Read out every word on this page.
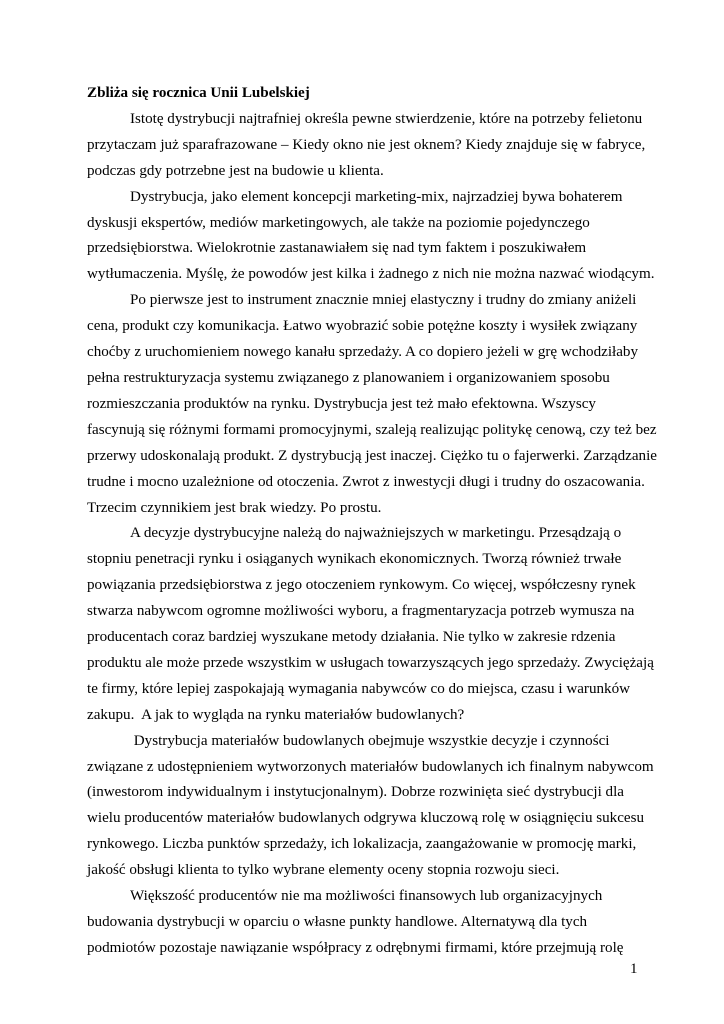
Zbliża się rocznica Unii Lubelskiej
Istotę dystrybucji najtrafniej określa pewne stwierdzenie, które na potrzeby felietonu
przytaczam już sparafrazowane – Kiedy okno nie jest oknem? Kiedy znajduje się w fabryce,
podczas gdy potrzebne jest na budowie u klienta.
Dystrybucja, jako element koncepcji marketing-mix, najrzadziej bywa bohaterem
dyskusji ekspertów, mediów marketingowych, ale także na poziomie pojedynczego
przedsiębiorstwa. Wielokrotnie zastanawiałem się nad tym faktem i poszukiwałem
wytłumaczenia. Myślę, że powodów jest kilka i żadnego z nich nie można nazwać wiodącym.
Po pierwsze jest to instrument znacznie mniej elastyczny i trudny do zmiany aniżeli
cena, produkt czy komunikacja. Łatwo wyobrazić sobie potężne koszty i wysiłek związany
choćby z uruchomieniem nowego kanału sprzedaży. A co dopiero jeżeli w grę wchodziłaby
pełna restrukturyzacja systemu związanego z planowaniem i organizowaniem sposobu
rozmieszczania produktów na rynku. Dystrybucja jest też mało efektowna. Wszyscy
fascynują się różnymi formami promocyjnymi, szaleją realizując politykę cenową, czy też bez
przerwy udoskonalają produkt. Z dystrybucją jest inaczej. Ciężko tu o fajerwerki. Zarządzanie
trudne i mocno uzależnione od otoczenia. Zwrot z inwestycji długi i trudny do oszacowania.
Trzecim czynnikiem jest brak wiedzy. Po prostu.
A decyzje dystrybucyjne należą do najważniejszych w marketingu. Przesądzają o
stopniu penetracji rynku i osiąganych wynikach ekonomicznych. Tworzą również trwałe
powiązania przedsiębiorstwa z jego otoczeniem rynkowym. Co więcej, współczesny rynek
stwarza nabywcom ogromne możliwości wyboru, a fragmentaryzacja potrzeb wymusza na
producentach coraz bardziej wyszukane metody działania. Nie tylko w zakresie rdzenia
produktu ale może przede wszystkim w usługach towarzyszących jego sprzedaży. Zwyciężają
te firmy, które lepiej zaspokajają wymagania nabywców co do miejsca, czasu i warunków
zakupu.  A jak to wygląda na rynku materiałów budowlanych?
Dystrybucja materiałów budowlanych obejmuje wszystkie decyzje i czynności
związane z udostępnieniem wytworzonych materiałów budowlanych ich finalnym nabywcom
(inwestorom indywidualnym i instytucjonalnym). Dobrze rozwinięta sieć dystrybucji dla
wielu producentów materiałów budowlanych odgrywa kluczową rolę w osiągnięciu sukcesu
rynkowego. Liczba punktów sprzedaży, ich lokalizacja, zaangażowanie w promocję marki,
jakość obsługi klienta to tylko wybrane elementy oceny stopnia rozwoju sieci.
Większość producentów nie ma możliwości finansowych lub organizacyjnych
budowania dystrybucji w oparciu o własne punkty handlowe. Alternatywą dla tych
podmiotów pozostaje nawiązanie współpracy z odrębnymi firmami, które przejmują rolę
1
